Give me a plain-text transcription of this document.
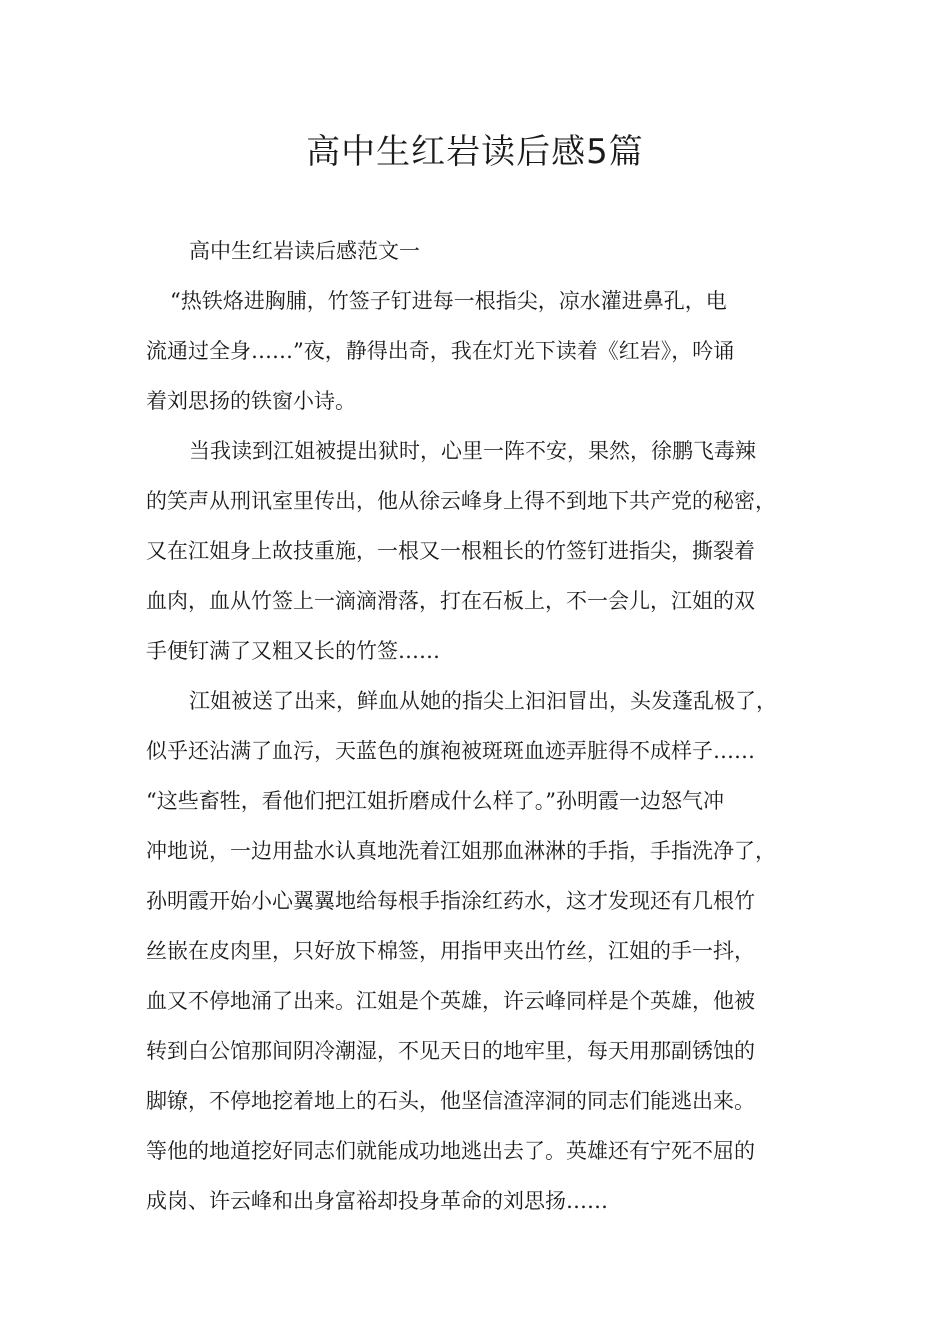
高中生红岩读后感5篇
高中生红岩读后感范文一
“热铁烙进胸脯，竹签子钉进每一根指尖，凉水灌进鼻孔，电
流通过全身……”夜，静得出奇，我在灯光下读着《红岩》，吟诵
着刘思扬的铁窗小诗。
当我读到江姐被提出狱时，心里一阵不安，果然，徐鹏飞毒辣
的笑声从刑讯室里传出，他从徐云峰身上得不到地下共产党的秘密，
又在江姐身上故技重施，一根又一根粗长的竹签钉进指尖，撕裂着
血肉，血从竹签上一滴滴滑落，打在石板上，不一会儿，江姐的双
手便钉满了又粗又长的竹签……
江姐被送了出来，鲜血从她的指尖上汩汩冒出，头发蓬乱极了，
似乎还沾满了血污，天蓝色的旗袍被斑斑血迹弄脏得不成样子……
“这些畜牲，看他们把江姐折磨成什么样了。”孙明霞一边怒气冲
冲地说，一边用盐水认真地洗着江姐那血淋淋的手指，手指洗净了，
孙明霞开始小心翼翼地给每根手指涂红药水，这才发现还有几根竹
丝嵌在皮肉里，只好放下棉签，用指甲夹出竹丝，江姐的手一抖，
血又不停地涌了出来。江姐是个英雄，许云峰同样是个英雄，他被
转到白公馆那间阴冷潮湿，不见天日的地牢里，每天用那副锈蚀的
脚镣，不停地挖着地上的石头，他坚信渣滓洞的同志们能逃出来。
等他的地道挖好同志们就能成功地逃出去了。英雄还有宁死不屈的
成岗、许云峰和出身富裕却投身革命的刘思扬……
